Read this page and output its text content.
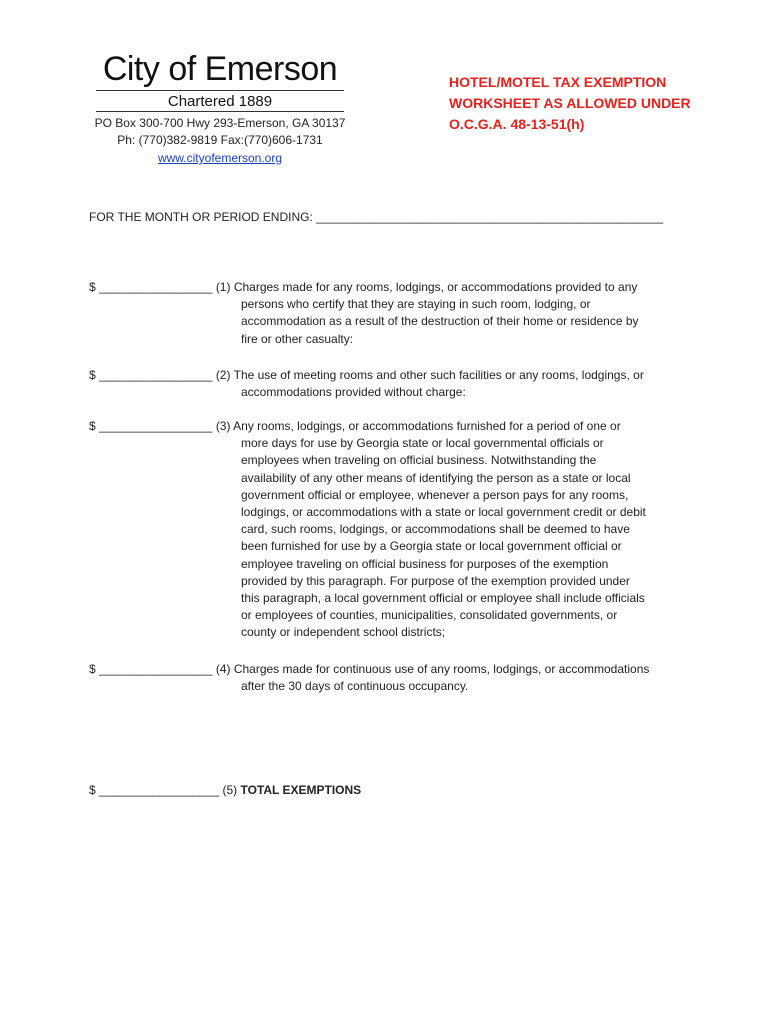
City of Emerson
Chartered 1889
PO Box 300-700 Hwy 293-Emerson, GA 30137
Ph: (770)382-9819 Fax:(770)606-1731
www.cityofemerson.org
HOTEL/MOTEL TAX EXEMPTION
WORKSHEET AS ALLOWED UNDER
O.C.G.A. 48-13-51(h)
FOR THE MONTH OR PERIOD ENDING: ____________________________________________________
$ _________________ (1) Charges made for any rooms, lodgings, or accommodations provided to any
persons who certify that they are staying in such room, lodging, or
accommodation as a result of the destruction of their home or residence by
fire or other casualty:
$ _________________ (2) The use of meeting rooms and other such facilities or any rooms, lodgings, or
accommodations provided without charge:
$ _________________ (3) Any rooms, lodgings, or accommodations furnished for a period of one or
more days for use by Georgia state or local governmental officials or
employees when traveling on official business. Notwithstanding the
availability of any other means of identifying the person as a state or local
government official or employee, whenever a person pays for any rooms,
lodgings, or accommodations with a state or local government credit or debit
card, such rooms, lodgings, or accommodations shall be deemed to have
been furnished for use by a Georgia state or local government official or
employee traveling on official business for purposes of the exemption
provided by this paragraph. For purpose of the exemption provided under
this paragraph, a local government official or employee shall include officials
or employees of counties, municipalities, consolidated governments, or
county or independent school districts;
$ _________________ (4) Charges made for continuous use of any rooms, lodgings, or accommodations
after the 30 days of continuous occupancy.
$ __________________ (5) TOTAL EXEMPTIONS
